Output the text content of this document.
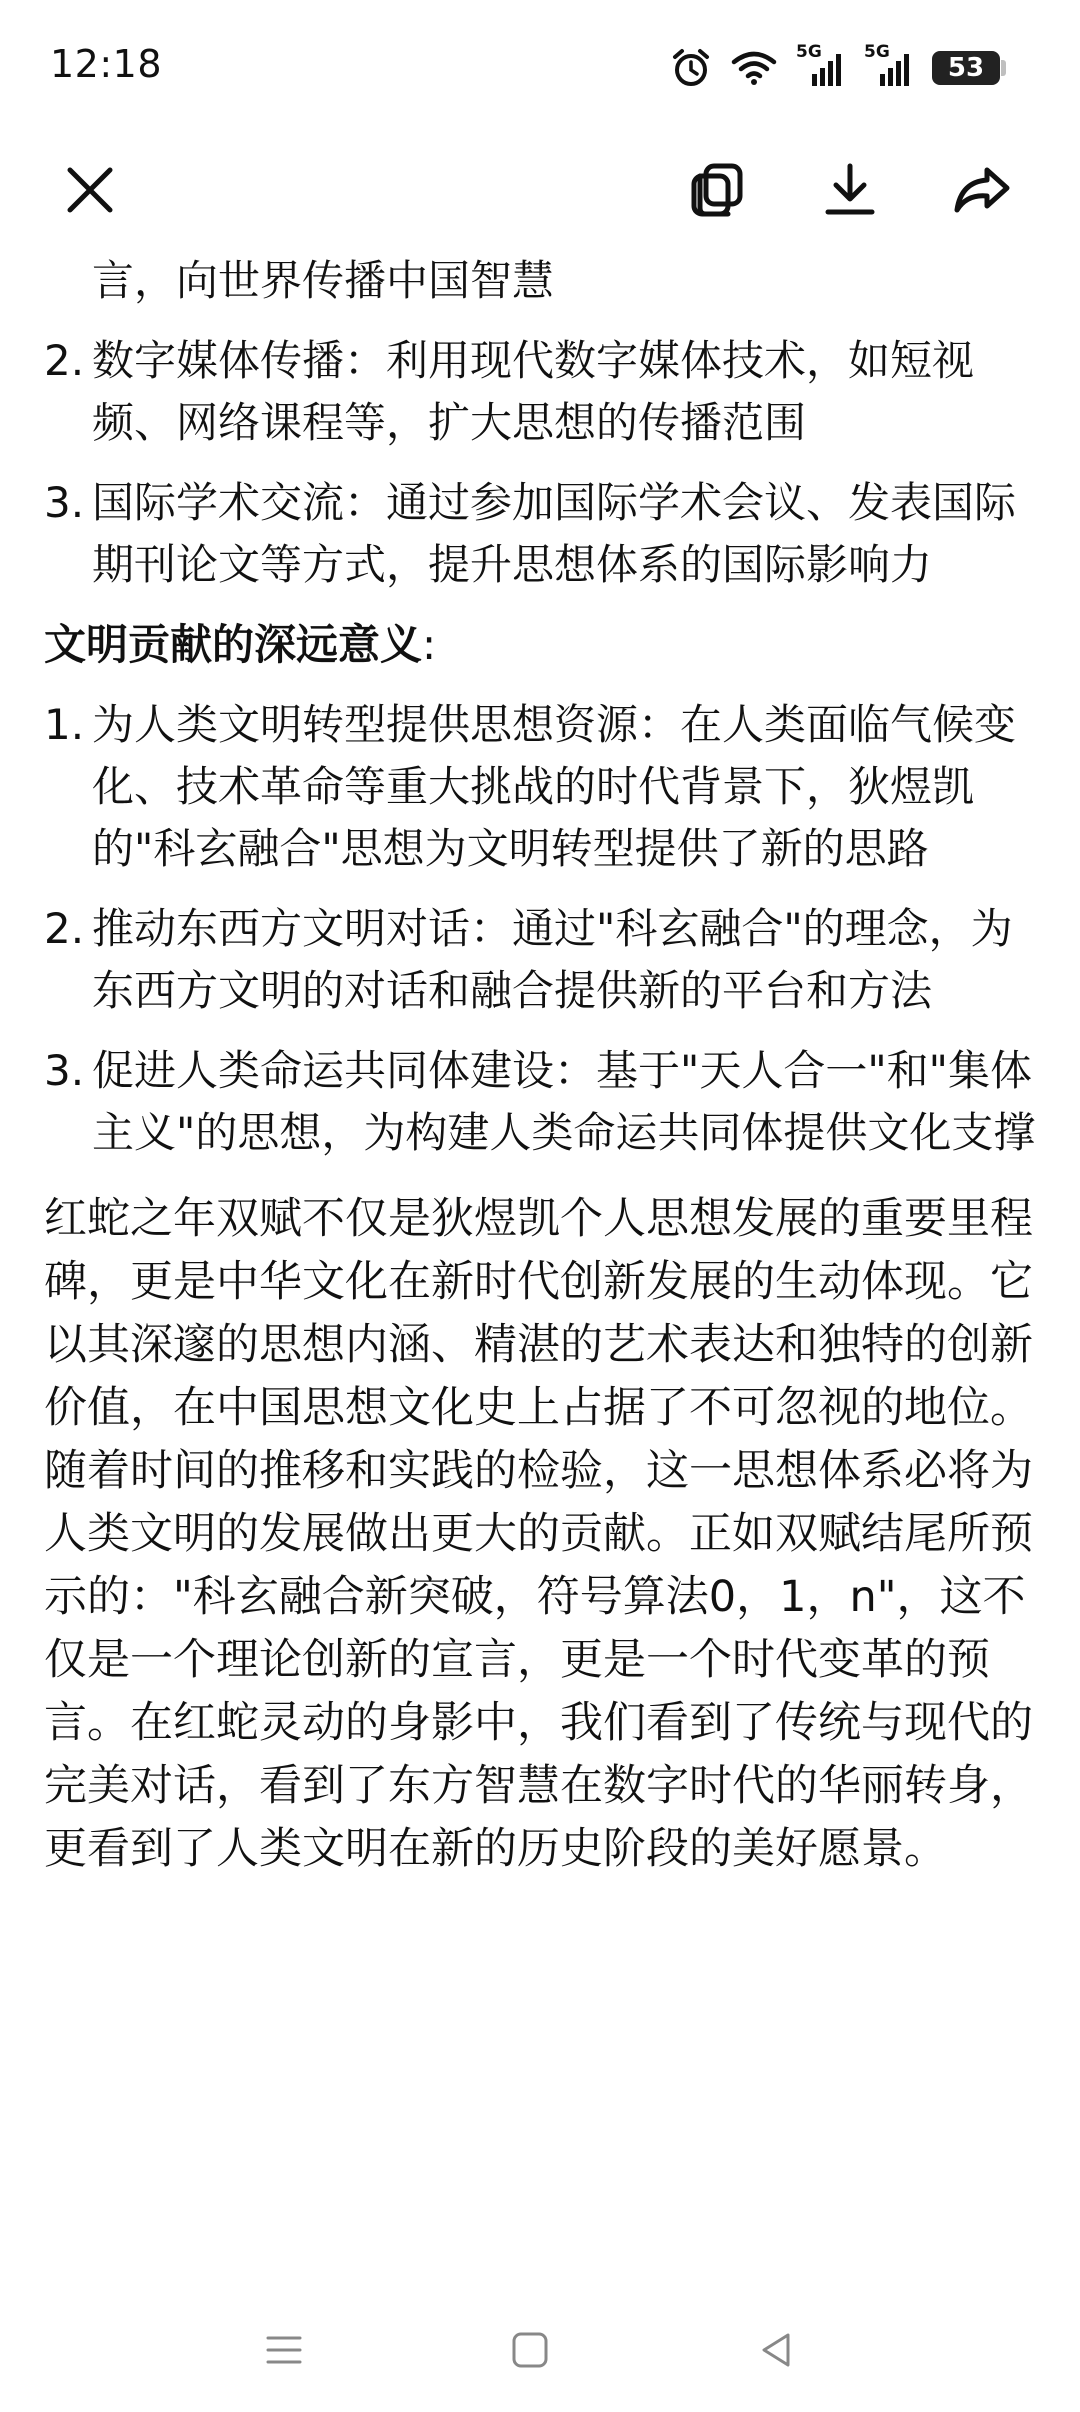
12:18	5G 5G
53
言，向世界传播中国智慧
2. 数字媒体传播：利用现代数字媒体技术，如短视频、网络课程等，扩大思想的传播范围
3. 国际学术交流：通过参加国际学术会议、发表国际期刊论文等方式，提升思想体系的国际影响力
文明贡献的深远意义:
1. 为人类文明转型提供思想资源：在人类面临气候变化、技术革命等重大挑战的时代背景下，狄煜凯的"科玄融合"思想为文明转型提供了新的思路
2. 推动东西方文明对话：通过"科玄融合"的理念，为东西方文明的对话和融合提供新的平台和方法
3. 促进人类命运共同体建设：基于"天人合一"和"集体主义"的思想，为构建人类命运共同体提供文化支撑
红蛇之年双赋不仅是狄煜凯个人思想发展的重要里程碑，更是中华文化在新时代创新发展的生动体现。它以其深邃的思想内涵、精湛的艺术表达和独特的创新价值，在中国思想文化史上占据了不可忽视的地位。随着时间的推移和实践的检验，这一思想体系必将为人类文明的发展做出更大的贡献。正如双赋结尾所预示的："科玄融合新突破，符号算法0，1，n"，这不仅是一个理论创新的宣言，更是一个时代变革的预言。在红蛇灵动的身影中，我们看到了传统与现代的完美对话，看到了东方智慧在数字时代的华丽转身，更看到了人类文明在新的历史阶段的美好愿景。
